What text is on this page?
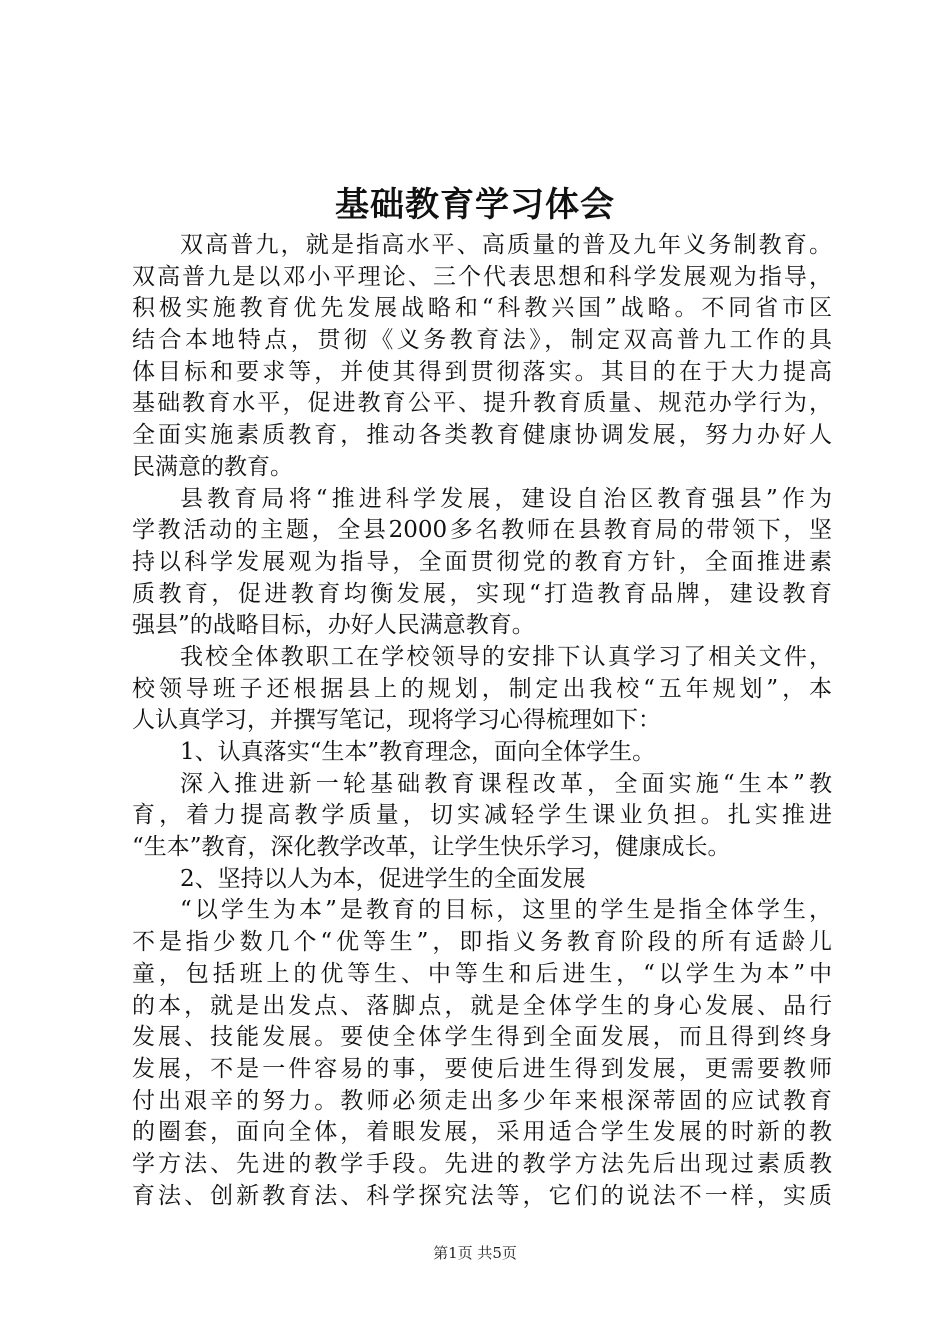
基础教育学习体会
双高普九，就是指高水平、高质量的普及九年义务制教育。
双高普九是以邓小平理论、三个代表思想和科学发展观为指导，
积极实施教育优先发展战略和“科教兴国”战略。不同省市区
结合本地特点，贯彻《义务教育法》，制定双高普九工作的具
体目标和要求等，并使其得到贯彻落实。其目的在于大力提高
基础教育水平，促进教育公平、提升教育质量、规范办学行为，
全面实施素质教育，推动各类教育健康协调发展，努力办好人
民满意的教育。
县教育局将“推进科学发展，建设自治区教育强县”作为
学教活动的主题，全县2000多名教师在县教育局的带领下，坚
持以科学发展观为指导，全面贯彻党的教育方针，全面推进素
质教育，促进教育均衡发展，实现“打造教育品牌，建设教育
强县”的战略目标，办好人民满意教育。
我校全体教职工在学校领导的安排下认真学习了相关文件，
校领导班子还根据县上的规划，制定出我校“五年规划”，本
人认真学习，并撰写笔记，现将学习心得梳理如下：
1、认真落实“生本”教育理念，面向全体学生。
深入推进新一轮基础教育课程改革，全面实施“生本”教
育，着力提高教学质量，切实减轻学生课业负担。扎实推进
“生本”教育，深化教学改革，让学生快乐学习，健康成长。
2、坚持以人为本，促进学生的全面发展
“以学生为本”是教育的目标，这里的学生是指全体学生，
不是指少数几个“优等生”，即指义务教育阶段的所有适龄儿
童，包括班上的优等生、中等生和后进生，“以学生为本”中
的本，就是出发点、落脚点，就是全体学生的身心发展、品行
发展、技能发展。要使全体学生得到全面发展，而且得到终身
发展，不是一件容易的事，要使后进生得到发展，更需要教师
付出艰辛的努力。教师必须走出多少年来根深蒂固的应试教育
的圈套，面向全体，着眼发展，采用适合学生发展的时新的教
学方法、先进的教学手段。先进的教学方法先后出现过素质教
育法、创新教育法、科学探究法等，它们的说法不一样，实质
第1页 共5页
